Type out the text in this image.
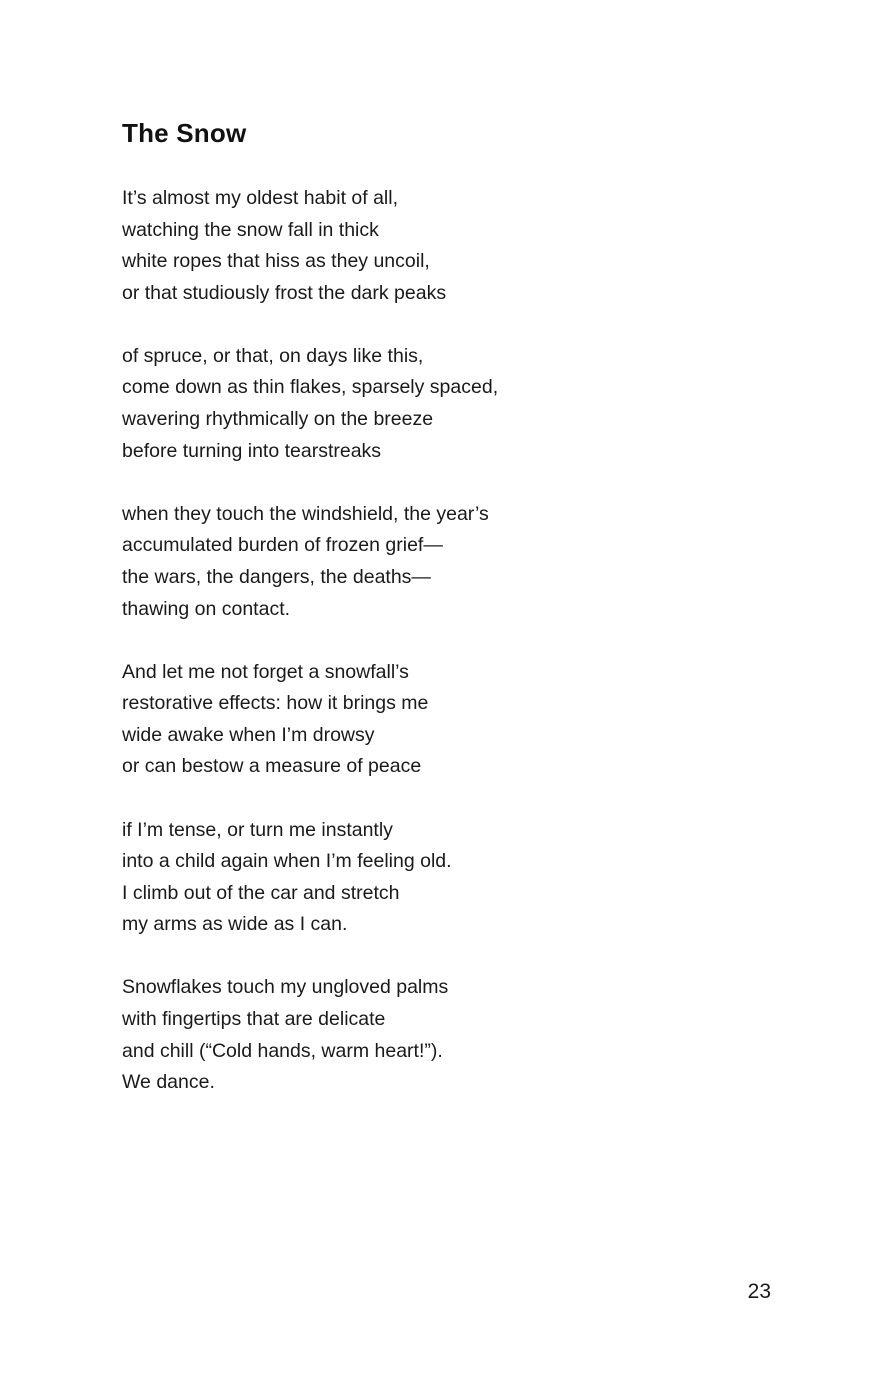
The Snow
It’s almost my oldest habit of all,
watching the snow fall in thick
white ropes that hiss as they uncoil,
or that studiously frost the dark peaks
of spruce, or that, on days like this,
come down as thin flakes, sparsely spaced,
wavering rhythmically on the breeze
before turning into tearstreaks
when they touch the windshield, the year’s
accumulated burden of frozen grief—
the wars, the dangers, the deaths—
thawing on contact.
And let me not forget a snowfall’s
restorative effects: how it brings me
wide awake when I’m drowsy
or can bestow a measure of peace
if I’m tense, or turn me instantly
into a child again when I’m feeling old.
I climb out of the car and stretch
my arms as wide as I can.
Snowflakes touch my ungloved palms
with fingertips that are delicate
and chill (“Cold hands, warm heart!”).
We dance.
23
